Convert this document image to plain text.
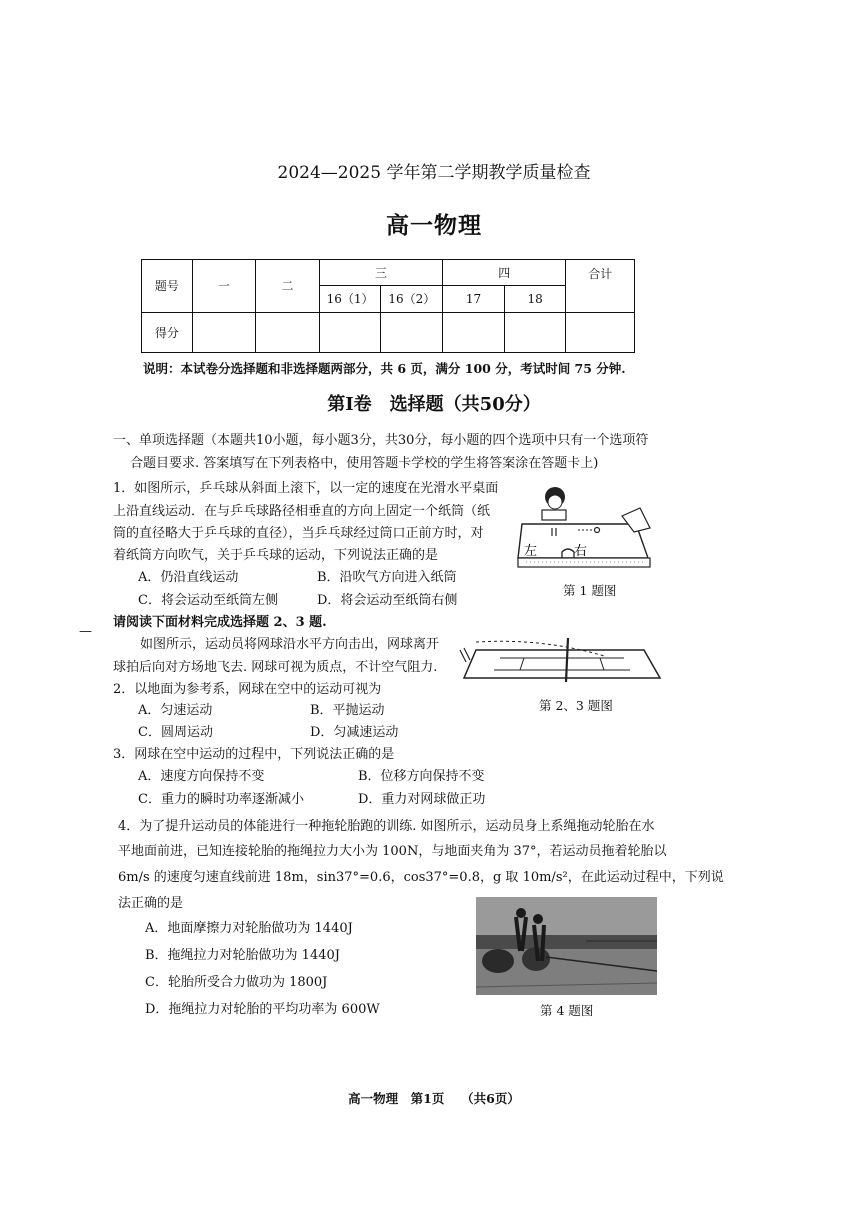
2024—2025 学年第二学期教学质量检查
高一物理
题号	一	二	三		四		合计
			16（1）	16（2）	17	18	
得分							
说明：本试卷分选择题和非选择题两部分，共 6 页，满分 100 分，考试时间 75 分钟.
第Ⅰ卷　选择题（共50分）
一、单项选择题（本题共10小题，每小题3分，共30分，每小题的四个选项中只有一个选项符
合题目要求. 答案填写在下列表格中，使用答题卡学校的学生将答案涂在答题卡上)
1．如图所示，乒乓球从斜面上滚下，以一定的速度在光滑水平桌面
上沿直线运动．在与乒乓球路径相垂直的方向上固定一个纸筒（纸
筒的直径略大于乒乓球的直径），当乒乓球经过筒口正前方时，对
着纸筒方向吹气，关于乒乓球的运动，下列说法正确的是
A．仍沿直线运动	B．沿吹气方向进入纸筒
C．将会运动至纸筒左侧	D．将会运动至纸筒右侧
左	右
第 1 题图
请阅读下面材料完成选择题 2、3 题.
—
如图所示，运动员将网球沿水平方向击出，网球离开
球拍后向对方场地飞去. 网球可视为质点，不计空气阻力.
第 2、3 题图
2．以地面为参考系，网球在空中的运动可视为
A．匀速运动	B．平抛运动
C．圆周运动	D．匀减速运动
3．网球在空中运动的过程中，下列说法正确的是
A．速度方向保持不变	B．位移方向保持不变
C．重力的瞬时功率逐渐减小	D．重力对网球做正功
4．为了提升运动员的体能进行一种拖轮胎跑的训练. 如图所示，运动员身上系绳拖动轮胎在水
平地面前进，已知连接轮胎的拖绳拉力大小为 100N，与地面夹角为 37°，若运动员拖着轮胎以
6m/s 的速度匀速直线前进 18m，sin37°=0.6，cos37°=0.8，g 取 10m/s²，在此运动过程中，下列说
法正确的是
A．地面摩擦力对轮胎做功为 1440J
B．拖绳拉力对轮胎做功为 1440J
C．轮胎所受合力做功为 1800J
D．拖绳拉力对轮胎的平均功率为 600W	第 4 题图
高一物理　第1页　 （共6页）
